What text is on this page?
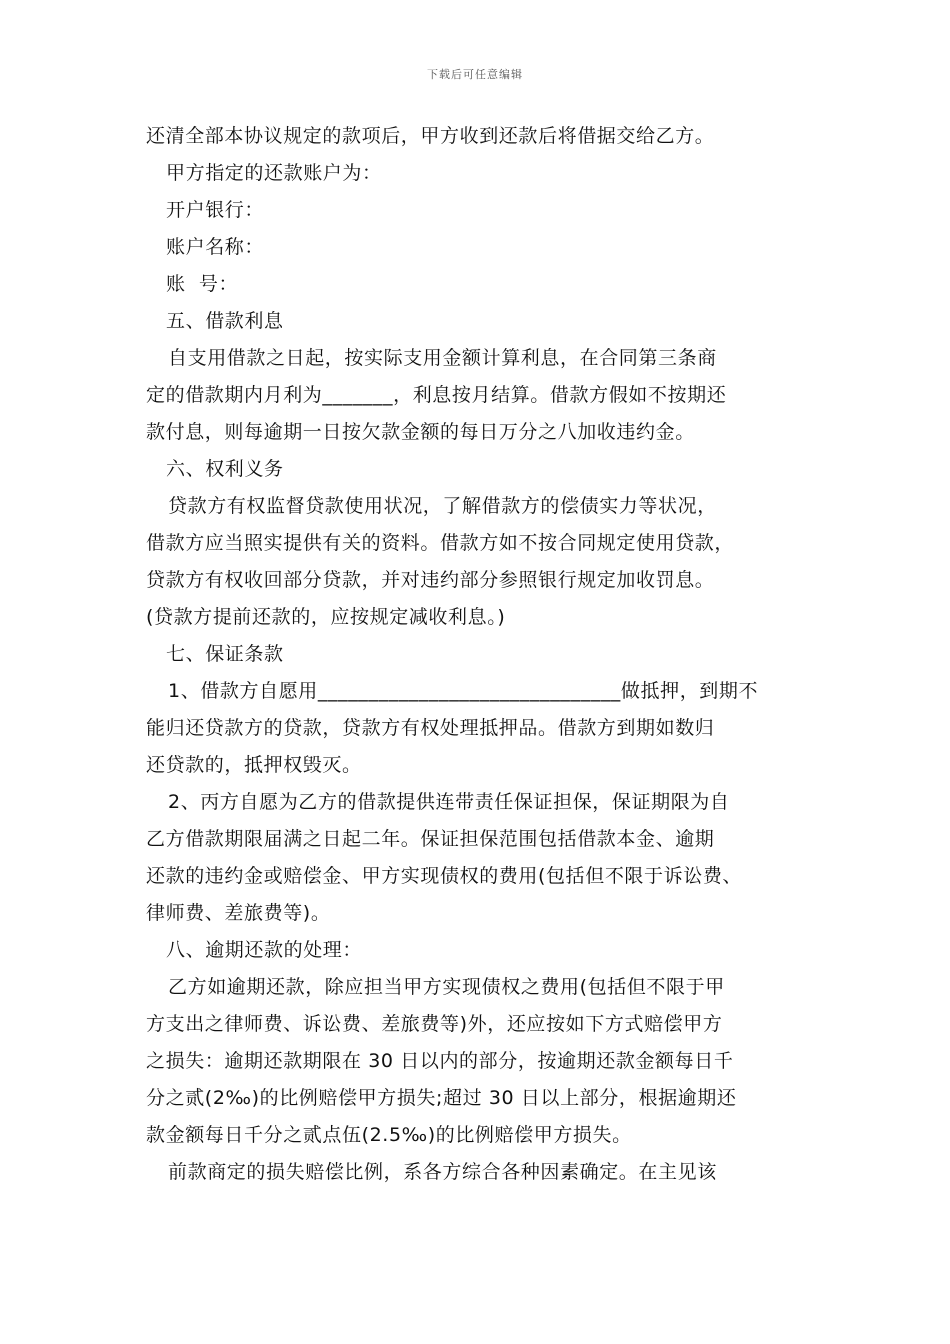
下载后可任意编辑
还清全部本协议规定的款项后，甲方收到还款后将借据交给乙方。
甲方指定的还款账户为：
开户银行：
账户名称：
账  号：
五、借款利息
自支用借款之日起，按实际支用金额计算利息，在合同第三条商
定的借款期内月利为_______，利息按月结算。借款方假如不按期还
款付息，则每逾期一日按欠款金额的每日万分之八加收违约金。
六、权利义务
贷款方有权监督贷款使用状况，了解借款方的偿债实力等状况，
借款方应当照实提供有关的资料。借款方如不按合同规定使用贷款，
贷款方有权收回部分贷款，并对违约部分参照银行规定加收罚息。
(贷款方提前还款的，应按规定减收利息。)
七、保证条款
1、借款方自愿用______________________________做抵押，到期不
能归还贷款方的贷款，贷款方有权处理抵押品。借款方到期如数归
还贷款的，抵押权毁灭。
2、丙方自愿为乙方的借款提供连带责任保证担保，保证期限为自
乙方借款期限届满之日起二年。保证担保范围包括借款本金、逾期
还款的违约金或赔偿金、甲方实现债权的费用(包括但不限于诉讼费、
律师费、差旅费等)。
八、逾期还款的处理：
乙方如逾期还款，除应担当甲方实现债权之费用(包括但不限于甲
方支出之律师费、诉讼费、差旅费等)外，还应按如下方式赔偿甲方
之损失：逾期还款期限在 30 日以内的部分，按逾期还款金额每日千
分之贰(2‰)的比例赔偿甲方损失;超过 30 日以上部分，根据逾期还
款金额每日千分之贰点伍(2.5‰)的比例赔偿甲方损失。
前款商定的损失赔偿比例，系各方综合各种因素确定。在主见该
